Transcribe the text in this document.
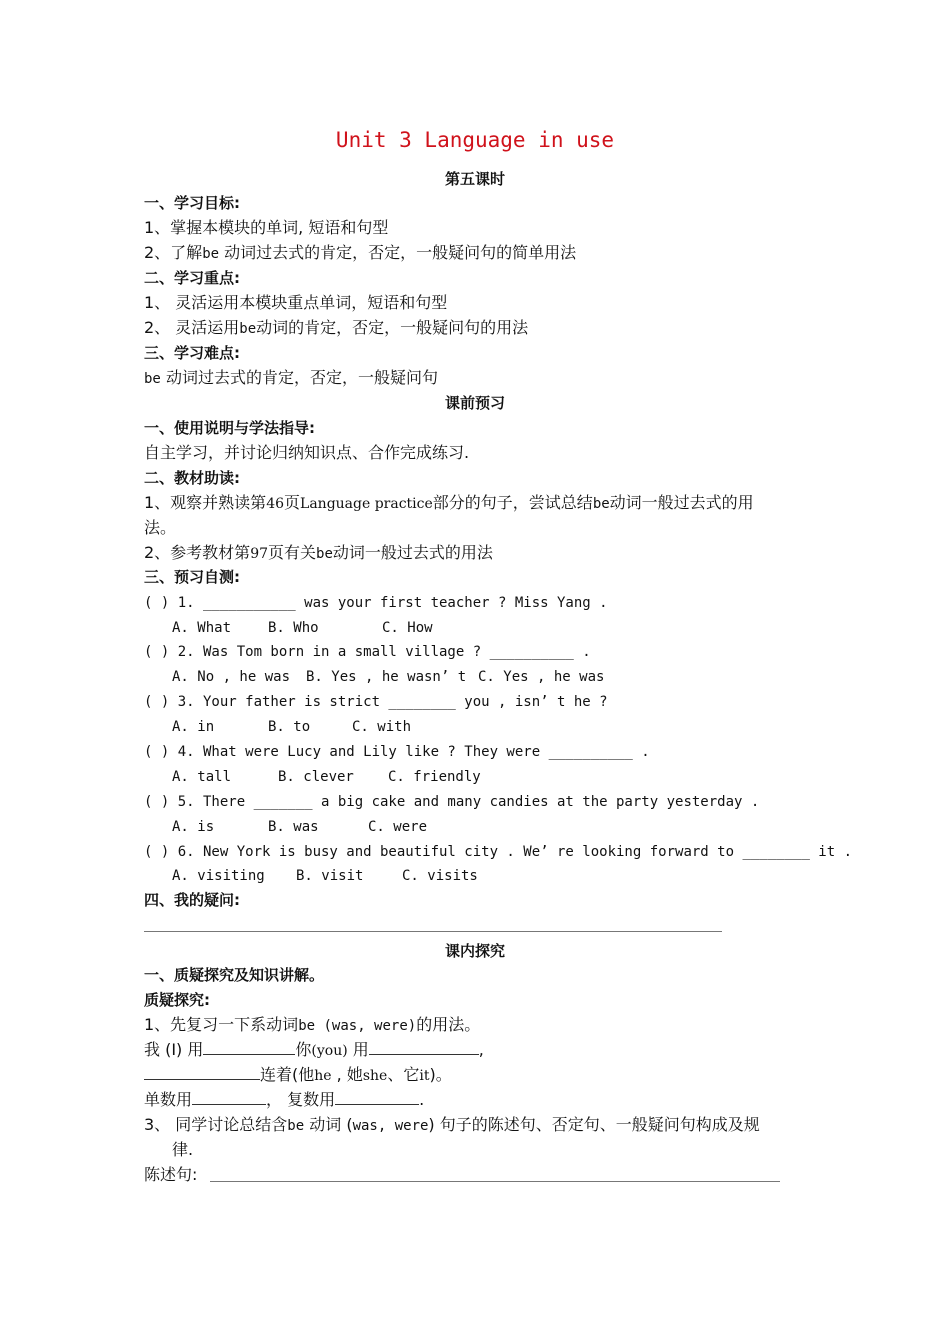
Unit 3 Language in use
第五课时
一、学习目标:
1、掌握本模块的单词, 短语和句型
2、了解be 动词过去式的肯定，否定，一般疑问句的简单用法
二、学习重点:
1、 灵活运用本模块重点单词，短语和句型
2、 灵活运用be动词的肯定，否定，一般疑问句的用法
三、学习难点:
be 动词过去式的肯定，否定，一般疑问句
课前预习
一、使用说明与学法指导:
自主学习，并讨论归纳知识点、合作完成练习.
二、教材助读:
1、观察并熟读第46页Language practice部分的句子，尝试总结be动词一般过去式的用
法。
2、参考教材第97页有关be动词一般过去式的用法
三、预习自测:
( ) 1. ___________ was your first teacher ? Miss Yang .
A. What	B. Who	C. How
( ) 2. Was Tom born in a small village ? __________ .
A. No , he was B. Yes , he wasn’ t C. Yes , he was
( ) 3. Your father is strict ________ you , isn’ t he ?
A. in	B. to	C. with
( ) 4. What were Lucy and Lily like ? They were __________ .
A. tall	B. clever C. friendly
( ) 5. There _______ a big cake and many candies at the party yesterday .
A. is	B. was	C. were
( ) 6. New York is busy and beautiful city . We’ re looking forward to ________ it .
A. visiting B. visit	C. visits
四、我的疑问:
课内探究
一、质疑探究及知识讲解。
质疑探究:
1、先复习一下系动词be (was, were)的用法。
我 (I) 用	你(you) 用	,
连着(他he , 她she、它it)。
单数用	， 复数用	.
3、 同学讨论总结含be 动词 (was, were) 句子的陈述句、否定句、一般疑问句构成及规
律.
陈述句:
